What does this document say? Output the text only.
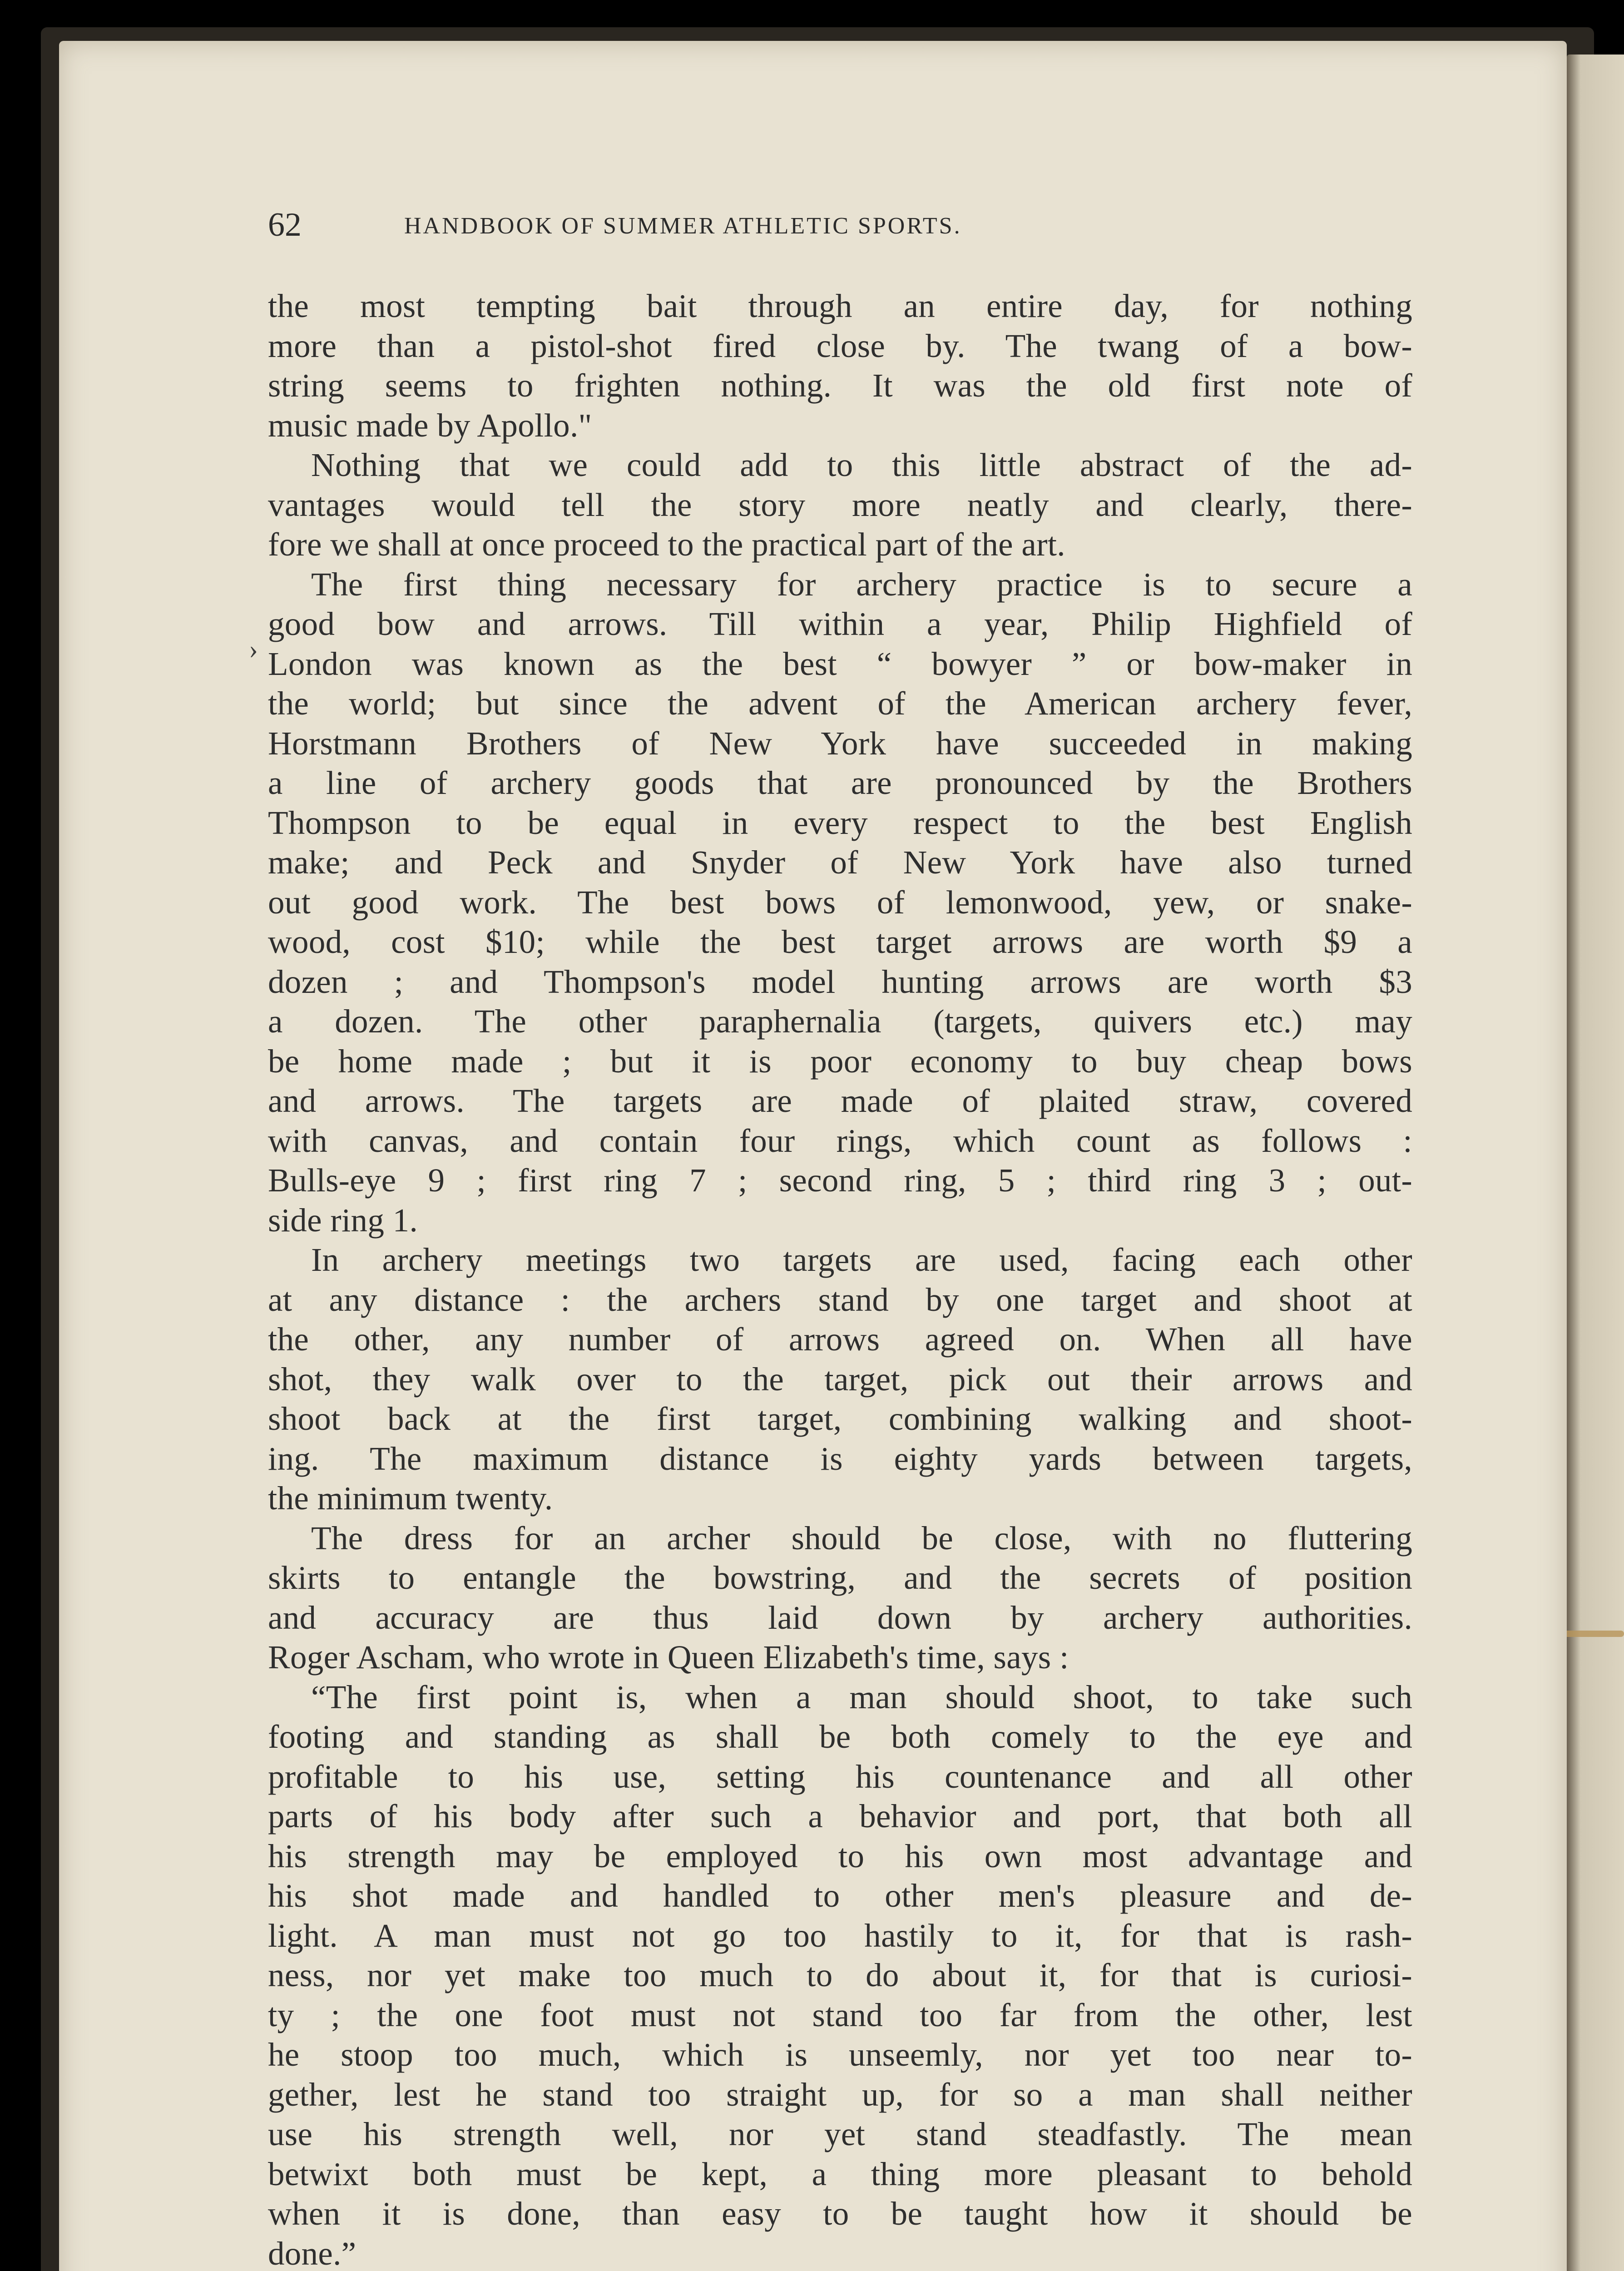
62	HANDBOOK OF SUMMER ATHLETIC SPORTS.
›
the most tempting bait through an entire day, for nothing
more than a pistol-shot fired close by. The twang of a bow-
string seems to frighten nothing. It was the old first note of
music made by Apollo."
Nothing that we could add to this little abstract of the ad-
vantages would tell the story more neatly and clearly, there-
fore we shall at once proceed to the practical part of the art.
The first thing necessary for archery practice is to secure a
good bow and arrows. Till within a year, Philip Highfield of
London was known as the best “ bowyer ” or bow-maker in
the world; but since the advent of the American archery fever,
Horstmann Brothers of New York have succeeded in making
a line of archery goods that are pronounced by the Brothers
Thompson to be equal in every respect to the best English
make; and Peck and Snyder of New York have also turned
out good work. The best bows of lemonwood, yew, or snake-
wood, cost $10; while the best target arrows are worth $9 a
dozen ; and Thompson's model hunting arrows are worth $3
a dozen. The other paraphernalia (targets, quivers etc.) may
be home made ; but it is poor economy to buy cheap bows
and arrows. The targets are made of plaited straw, covered
with canvas, and contain four rings, which count as follows :
Bulls-eye 9 ; first ring 7 ; second ring, 5 ; third ring 3 ; out-
side ring 1.
In archery meetings two targets are used, facing each other
at any distance : the archers stand by one target and shoot at
the other, any number of arrows agreed on. When all have
shot, they walk over to the target, pick out their arrows and
shoot back at the first target, combining walking and shoot-
ing. The maximum distance is eighty yards between targets,
the minimum twenty.
The dress for an archer should be close, with no fluttering
skirts to entangle the bowstring, and the secrets of position
and accuracy are thus laid down by archery authorities.
Roger Ascham, who wrote in Queen Elizabeth's time, says :
“The first point is, when a man should shoot, to take such
footing and standing as shall be both comely to the eye and
profitable to his use, setting his countenance and all other
parts of his body after such a behavior and port, that both all
his strength may be employed to his own most advantage and
his shot made and handled to other men's pleasure and de-
light. A man must not go too hastily to it, for that is rash-
ness, nor yet make too much to do about it, for that is curiosi-
ty ; the one foot must not stand too far from the other, lest
he stoop too much, which is unseemly, nor yet too near to-
gether, lest he stand too straight up, for so a man shall neither
use his strength well, nor yet stand steadfastly. The mean
betwixt both must be kept, a thing more pleasant to behold
when it is done, than easy to be taught how it should be
done.”
